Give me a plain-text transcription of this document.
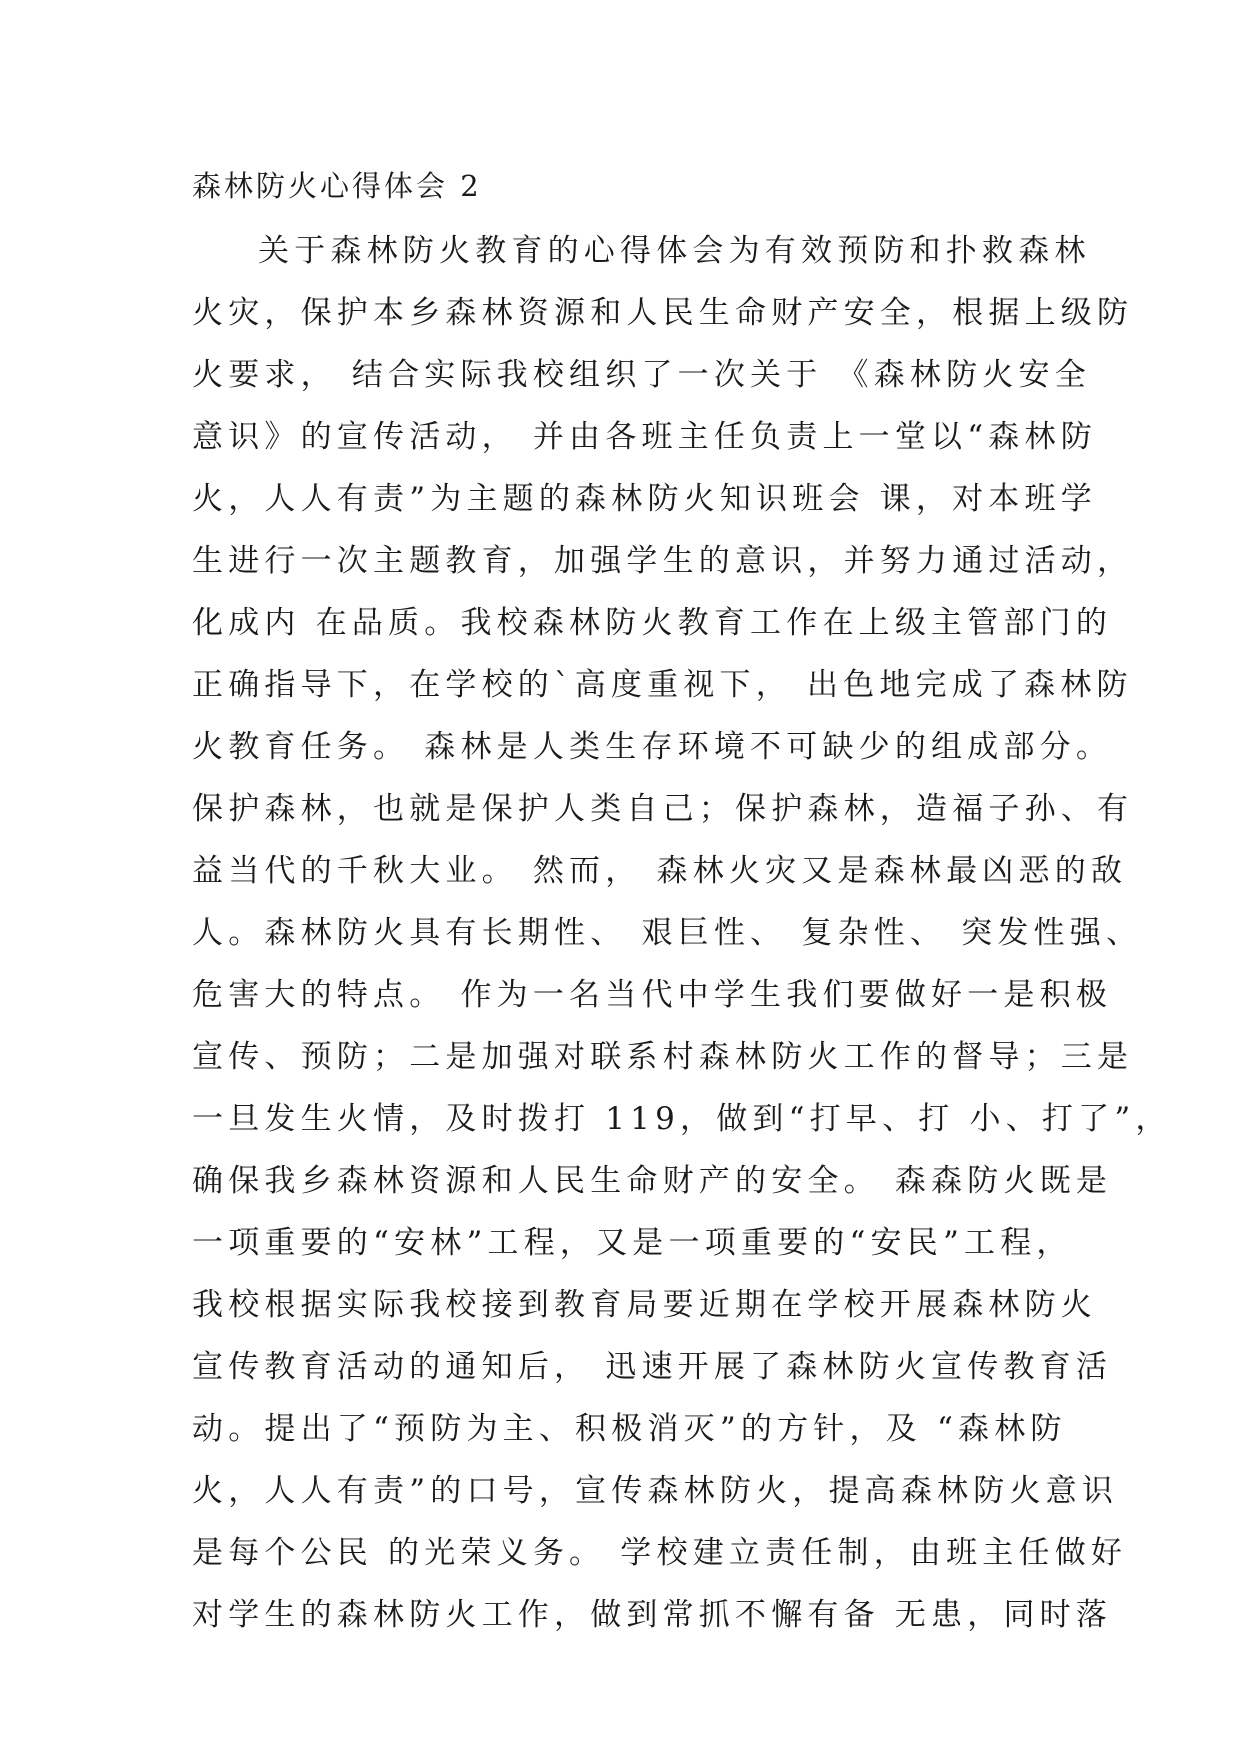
森林防火心得体会 2
关于森林防火教育的心得体会为有效预防和扑救森林
火灾，保护本乡森林资源和人民生命财产安全，根据上级防
火要求， 结合实际我校组织了一次关于 《森林防火安全
意识》的宣传活动， 并由各班主任负责上一堂以“森林防
火，人人有责”为主题的森林防火知识班会 课，对本班学
生进行一次主题教育，加强学生的意识，并努力通过活动，
化成内 在品质。我校森林防火教育工作在上级主管部门的
正确指导下，在学校的`高度重视下， 出色地完成了森林防
火教育任务。 森林是人类生存环境不可缺少的组成部分。
保护森林，也就是保护人类自己；保护森林，造福子孙、有
益当代的千秋大业。 然而， 森林火灾又是森林最凶恶的敌
人。森林防火具有长期性、 艰巨性、 复杂性、 突发性强、
危害大的特点。 作为一名当代中学生我们要做好一是积极
宣传、预防；二是加强对联系村森林防火工作的督导；三是
一旦发生火情，及时拨打 119，做到“打早、打 小、打了”，
确保我乡森林资源和人民生命财产的安全。 森森防火既是
一项重要的“安林”工程，又是一项重要的“安民”工程，
我校根据实际我校接到教育局要近期在学校开展森林防火
宣传教育活动的通知后， 迅速开展了森林防火宣传教育活
动。提出了“预防为主、积极消灭”的方针，及 “森林防
火，人人有责”的口号，宣传森林防火，提高森林防火意识
是每个公民 的光荣义务。 学校建立责任制，由班主任做好
对学生的森林防火工作，做到常抓不懈有备 无患，同时落
